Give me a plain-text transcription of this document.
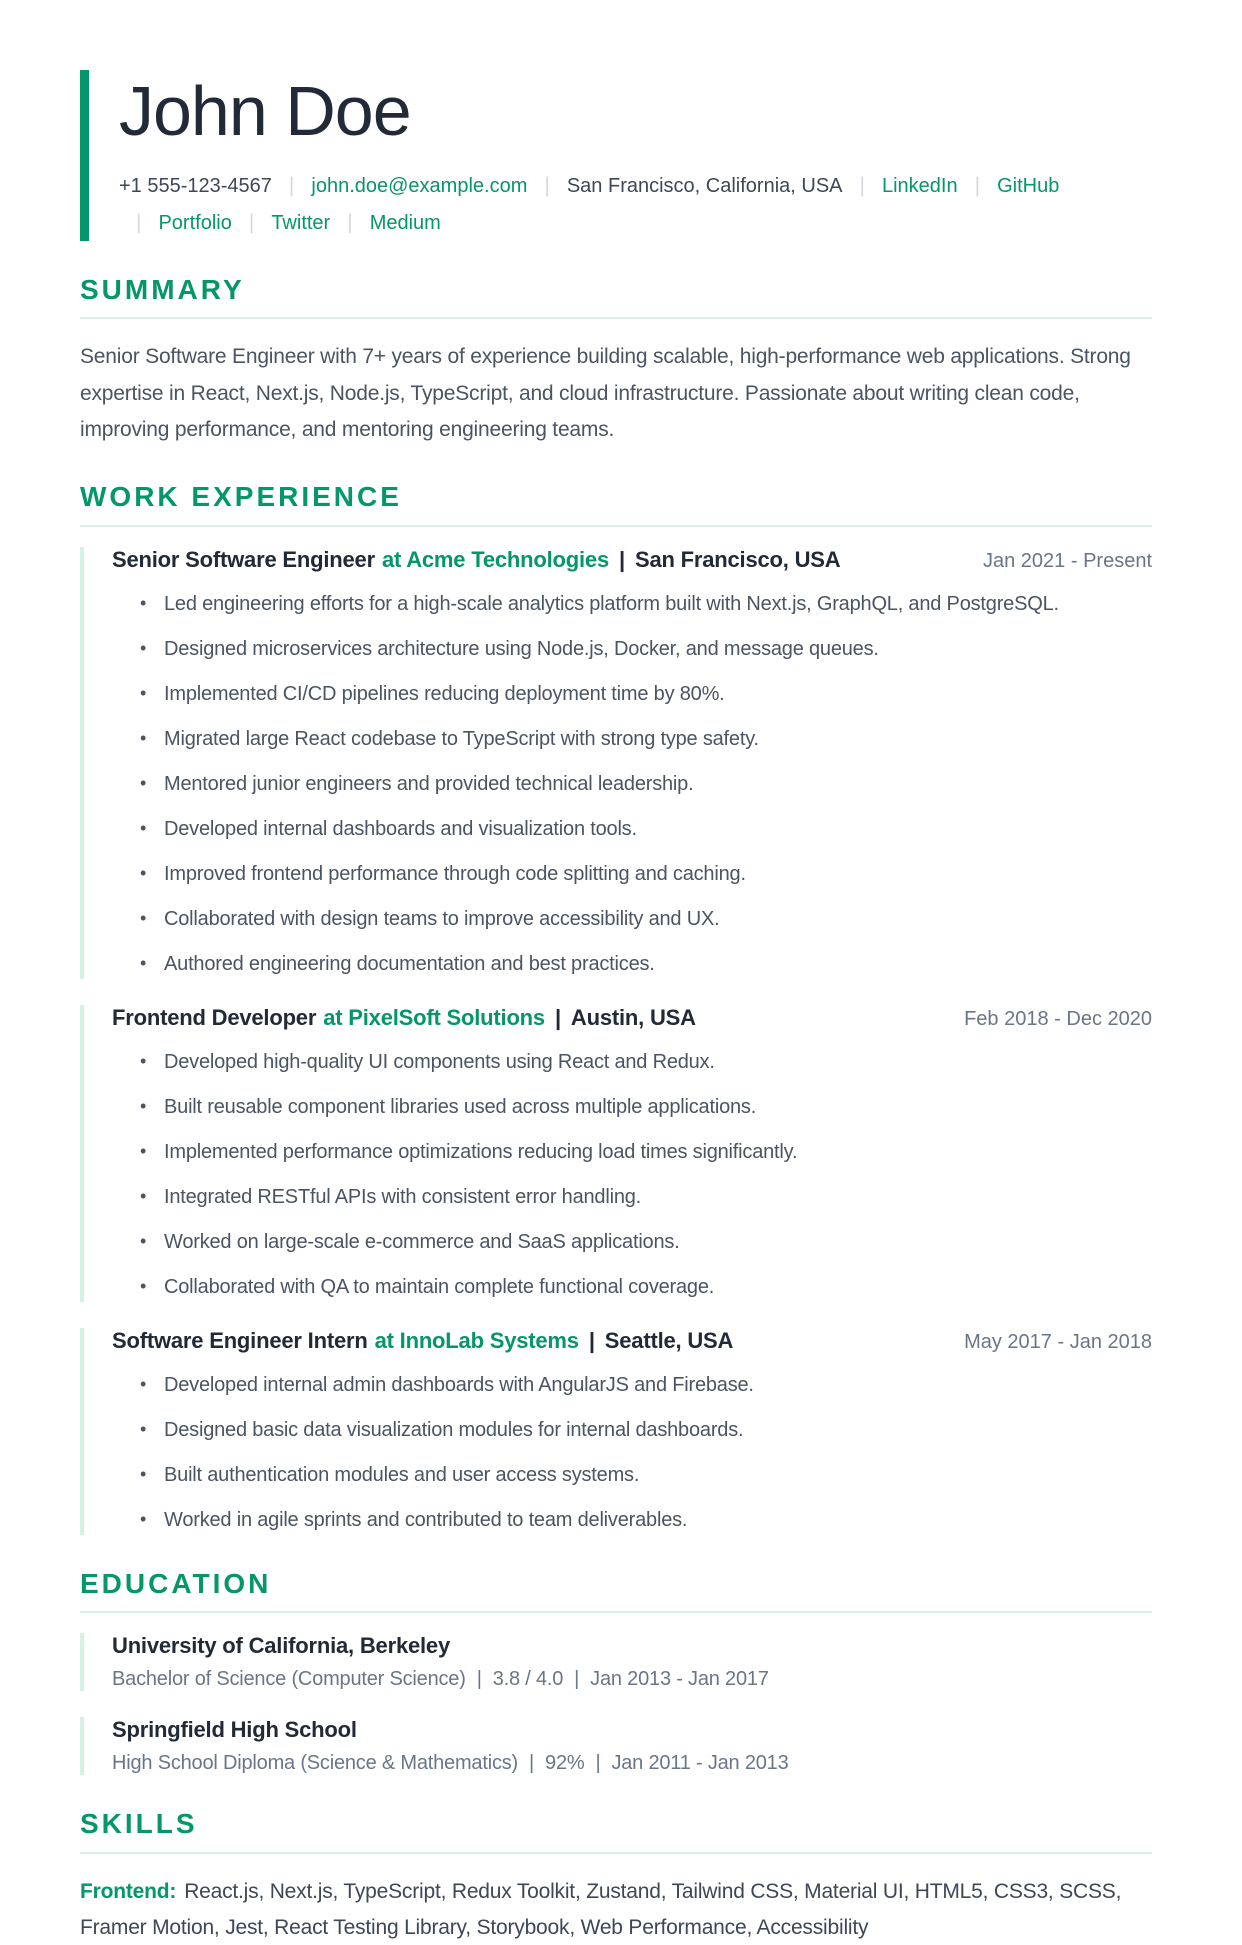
John Doe
+1 555-123-4567 | john.doe@example.com | San Francisco, California, USA | LinkedIn | GitHub
| Portfolio | Twitter | Medium
SUMMARY

Senior Software Engineer with 7+ years of experience building scalable, high-performance web applications. Strong expertise in React, Next.js, Node.js, TypeScript, and cloud infrastructure. Passionate about writing clean code, improving performance, and mentoring engineering teams.

WORK EXPERIENCE
Senior Software Engineer at Acme Technologies | San Francisco, USA	Jan 2021 - Present
• Led engineering efforts for a high-scale analytics platform built with Next.js, GraphQL, and PostgreSQL.
• Designed microservices architecture using Node.js, Docker, and message queues.
• Implemented CI/CD pipelines reducing deployment time by 80%.
• Migrated large React codebase to TypeScript with strong type safety.
• Mentored junior engineers and provided technical leadership.
• Developed internal dashboards and visualization tools.
• Improved frontend performance through code splitting and caching.
• Collaborated with design teams to improve accessibility and UX.
• Authored engineering documentation and best practices.
Frontend Developer at PixelSoft Solutions | Austin, USA	Feb 2018 - Dec 2020
• Developed high-quality UI components using React and Redux.
• Built reusable component libraries used across multiple applications.
• Implemented performance optimizations reducing load times significantly.
• Integrated RESTful APIs with consistent error handling.
• Worked on large-scale e-commerce and SaaS applications.
• Collaborated with QA to maintain complete functional coverage.
Software Engineer Intern at InnoLab Systems | Seattle, USA	May 2017 - Jan 2018
• Developed internal admin dashboards with AngularJS and Firebase.
• Designed basic data visualization modules for internal dashboards.
• Built authentication modules and user access systems.
• Worked in agile sprints and contributed to team deliverables.
EDUCATION
University of California, Berkeley
Bachelor of Science (Computer Science) | 3.8 / 4.0 | Jan 2013 - Jan 2017
Springfield High School
High School Diploma (Science & Mathematics) | 92% | Jan 2011 - Jan 2013
SKILLS

Frontend: React.js, Next.js, TypeScript, Redux Toolkit, Zustand, Tailwind CSS, Material UI, HTML5, CSS3, SCSS, Framer Motion, Jest, React Testing Library, Storybook, Web Performance, Accessibility
